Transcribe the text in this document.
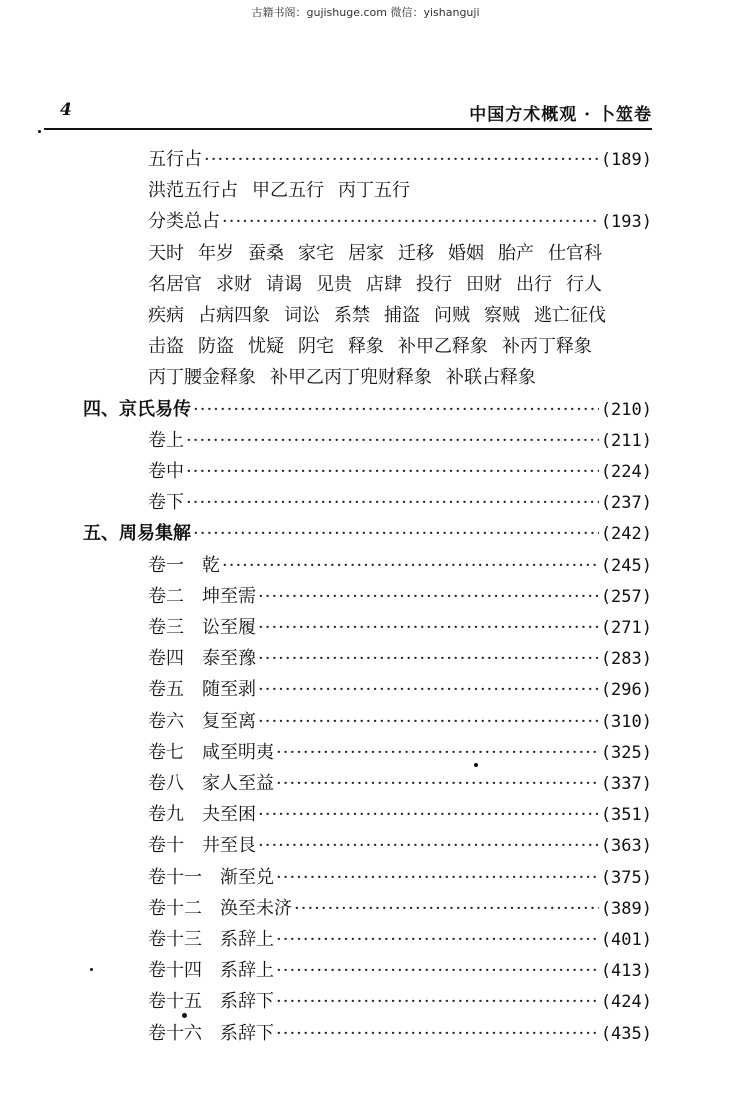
古籍书阁：gujishuge.com 微信：yishanguji
4	中国方术概观 · 卜筮卷
五行占 ·····	(189)
洪范五行占 甲乙五行 丙丁五行
分类总占 ·····	(193)
天时 年岁 蚕桑 家宅 居家 迁移 婚姻 胎产 仕官科
名居官 求财 请谒 见贵 店肆 投行 田财 出行 行人
疾病 占病四象 词讼 系禁 捕盗 问贼 察贼 逃亡征伐
击盗 防盗 忧疑 阴宅 释象 补甲乙释象 补丙丁释象
丙丁腰金释象 补甲乙丙丁兜财释象 补联占释象
四、京氏易传 ·····	(210)
卷上 ·····	(211)
卷中 ·····	(224)
卷下 ·····	(237)
五、周易集解 ·····	(242)
卷一　乾 ·····	(245)
卷二　坤至需 ·····	(257)
卷三　讼至履 ·····	(271)
卷四　泰至豫 ·····	(283)
卷五　随至剥 ·····	(296)
卷六　复至离 ·····	(310)
卷七　咸至明夷 ·····	(325)
卷八　家人至益 ·····	(337)
卷九　夬至困 ·····	(351)
卷十　井至艮 ·····	(363)
卷十一　渐至兑 ·····	(375)
卷十二　涣至未济 ·····	(389)
卷十三　系辞上 ·····	(401)
卷十四　系辞上 ·····	(413)
卷十五　系辞下 ·····	(424)
卷十六　系辞下 ·····	(435)
